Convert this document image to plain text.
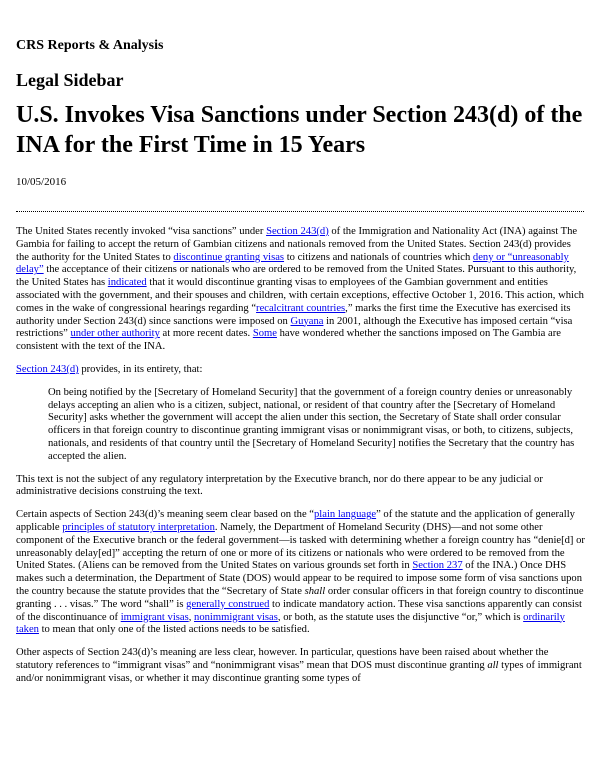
CRS Reports & Analysis
Legal Sidebar
U.S. Invokes Visa Sanctions under Section 243(d) of the INA for the First Time in 15 Years
10/05/2016

The United States recently invoked “visa sanctions” under Section 243(d) of the Immigration and Nationality Act (INA) against The Gambia for failing to accept the return of Gambian citizens and nationals removed from the United States. Section 243(d) provides the authority for the United States to discontinue granting visas to citizens and nationals of countries which deny or “unreasonably delay” the acceptance of their citizens or nationals who are ordered to be removed from the United States. Pursuant to this authority, the United States has indicated that it would discontinue granting visas to employees of the Gambian government and entities associated with the government, and their spouses and children, with certain exceptions, effective October 1, 2016. This action, which comes in the wake of congressional hearings regarding “recalcitrant countries,” marks the first time the Executive has exercised its authority under Section 243(d) since sanctions were imposed on Guyana in 2001, although the Executive has imposed certain “visa restrictions” under other authority at more recent dates. Some have wondered whether the sanctions imposed on The Gambia are consistent with the text of the INA.

Section 243(d) provides, in its entirety, that:

On being notified by the [Secretary of Homeland Security] that the government of a foreign country denies or unreasonably delays accepting an alien who is a citizen, subject, national, or resident of that country after the [Secretary of Homeland Security] asks whether the government will accept the alien under this section, the Secretary of State shall order consular officers in that foreign country to discontinue granting immigrant visas or nonimmigrant visas, or both, to citizens, subjects, nationals, and residents of that country until the [Secretary of Homeland Security] notifies the Secretary that the country has accepted the alien.

This text is not the subject of any regulatory interpretation by the Executive branch, nor do there appear to be any judicial or administrative decisions construing the text.

Certain aspects of Section 243(d)’s meaning seem clear based on the “plain language” of the statute and the application of generally applicable principles of statutory interpretation. Namely, the Department of Homeland Security (DHS)—and not some other component of the Executive branch or the federal government—is tasked with determining whether a foreign country has “denie[d] or unreasonably delay[ed]” accepting the return of one or more of its citizens or nationals who were ordered to be removed from the United States. (Aliens can be removed from the United States on various grounds set forth in Section 237 of the INA.) Once DHS makes such a determination, the Department of State (DOS) would appear to be required to impose some form of visa sanctions upon the country because the statute provides that the “Secretary of State shall order consular officers in that foreign country to discontinue granting . . . visas.” The word “shall” is generally construed to indicate mandatory action. These visa sanctions apparently can consist of the discontinuance of immigrant visas, nonimmigrant visas, or both, as the statute uses the disjunctive “or,” which is ordinarily taken to mean that only one of the listed actions needs to be satisfied.

Other aspects of Section 243(d)’s meaning are less clear, however. In particular, questions have been raised about whether the statutory references to “immigrant visas” and “nonimmigrant visas” mean that DOS must discontinue granting all types of immigrant and/or nonimmigrant visas, or whether it may discontinue granting some types of
